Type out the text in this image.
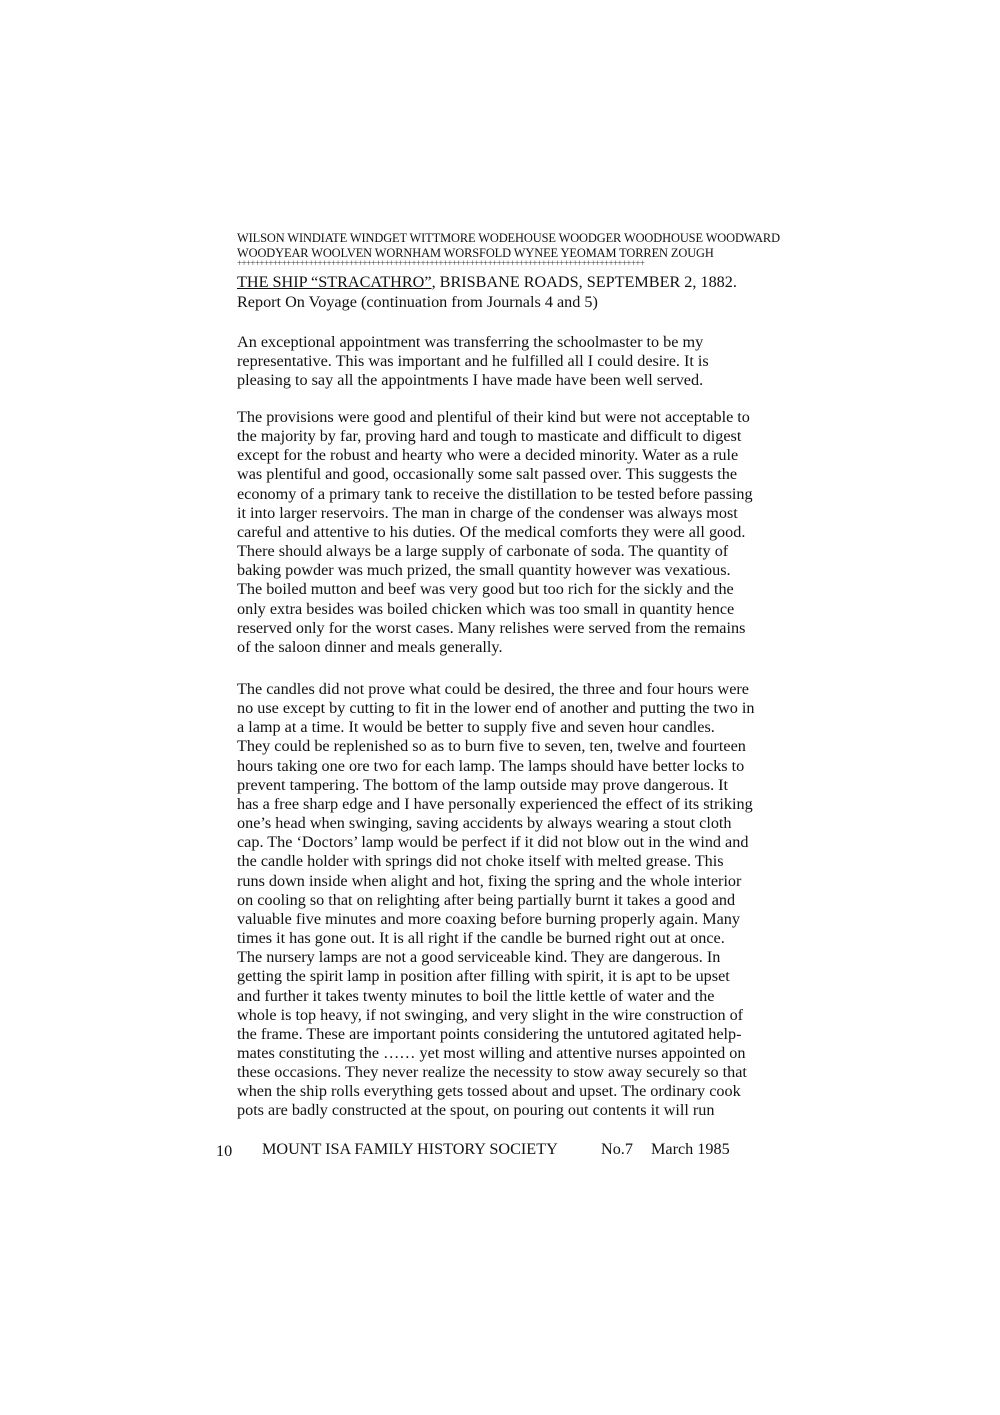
WILSON WINDIATE WINDGET WITTMORE WODEHOUSE WOODGER WOODHOUSE WOODWARD
WOODYEAR WOOLVEN WORNHAM WORSFOLD WYNEE YEOMAM TORREN ZOUGH
+++++++++++++++++++++++++++++++++++++++++++++++++++++++++++++++++++++++++++++++++++++++++++
THE SHIP “STRACATHRO”, BRISBANE ROADS, SEPTEMBER 2, 1882.
Report On Voyage (continuation from Journals 4 and 5)
An exceptional appointment was transferring the schoolmaster to be my
representative. This was important and he fulfilled all I could desire. It is
pleasing to say all the appointments I have made have been well served.
The provisions were good and plentiful of their kind but were not acceptable to
the majority by far, proving hard and tough to masticate and difficult to digest
except for the robust and hearty who were a decided minority. Water as a rule
was plentiful and good, occasionally some salt passed over. This suggests the
economy of a primary tank to receive the distillation to be tested before passing
it into larger reservoirs. The man in charge of the condenser was always most
careful and attentive to his duties. Of the medical comforts they were all good.
There should always be a large supply of carbonate of soda. The quantity of
baking powder was much prized, the small quantity however was vexatious.
The boiled mutton and beef was very good but too rich for the sickly and the
only extra besides was boiled chicken which was too small in quantity hence
reserved only for the worst cases. Many relishes were served from the remains
of the saloon dinner and meals generally.
The candles did not prove what could be desired, the three and four hours were
no use except by cutting to fit in the lower end of another and putting the two in
a lamp at a time. It would be better to supply five and seven hour candles.
They could be replenished so as to burn five to seven, ten, twelve and fourteen
hours taking one ore two for each lamp. The lamps should have better locks to
prevent tampering. The bottom of the lamp outside may prove dangerous. It
has a free sharp edge and I have personally experienced the effect of its striking
one’s head when swinging, saving accidents by always wearing a stout cloth
cap. The ‘Doctors’ lamp would be perfect if it did not blow out in the wind and
the candle holder with springs did not choke itself with melted grease. This
runs down inside when alight and hot, fixing the spring and the whole interior
on cooling so that on relighting after being partially burnt it takes a good and
valuable five minutes and more coaxing before burning properly again. Many
times it has gone out. It is all right if the candle be burned right out at once.
The nursery lamps are not a good serviceable kind. They are dangerous. In
getting the spirit lamp in position after filling with spirit, it is apt to be upset
and further it takes twenty minutes to boil the little kettle of water and the
whole is top heavy, if not swinging, and very slight in the wire construction of
the frame. These are important points considering the untutored agitated help-
mates constituting the …… yet most willing and attentive nurses appointed on
these occasions. They never realize the necessity to stow away securely so that
when the ship rolls everything gets tossed about and upset. The ordinary cook
pots are badly constructed at the spout, on pouring out contents it will run
10 MOUNT ISA FAMILY HISTORY SOCIETY	No.7 March 1985
